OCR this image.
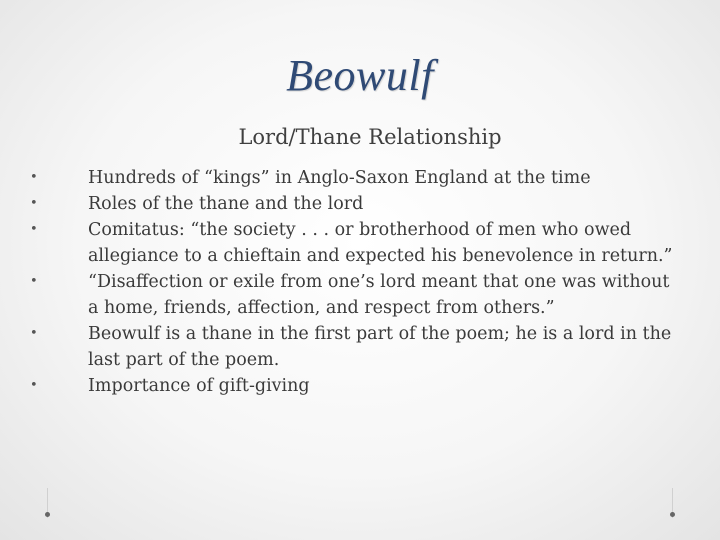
Beowulf
Lord/Thane Relationship
•	Hundreds of “kings” in Anglo-Saxon England at the time
•	Roles of the thane and the lord
•	Comitatus: “the society . . . or brotherhood of men who owed allegiance to a chieftain and expected his benevolence in return.”
•	“Disaffection or exile from one’s lord meant that one was without a home, friends, affection, and respect from others.”
•	Beowulf is a thane in the first part of the poem; he is a lord in the last part of the poem.
•	Importance of gift-giving
